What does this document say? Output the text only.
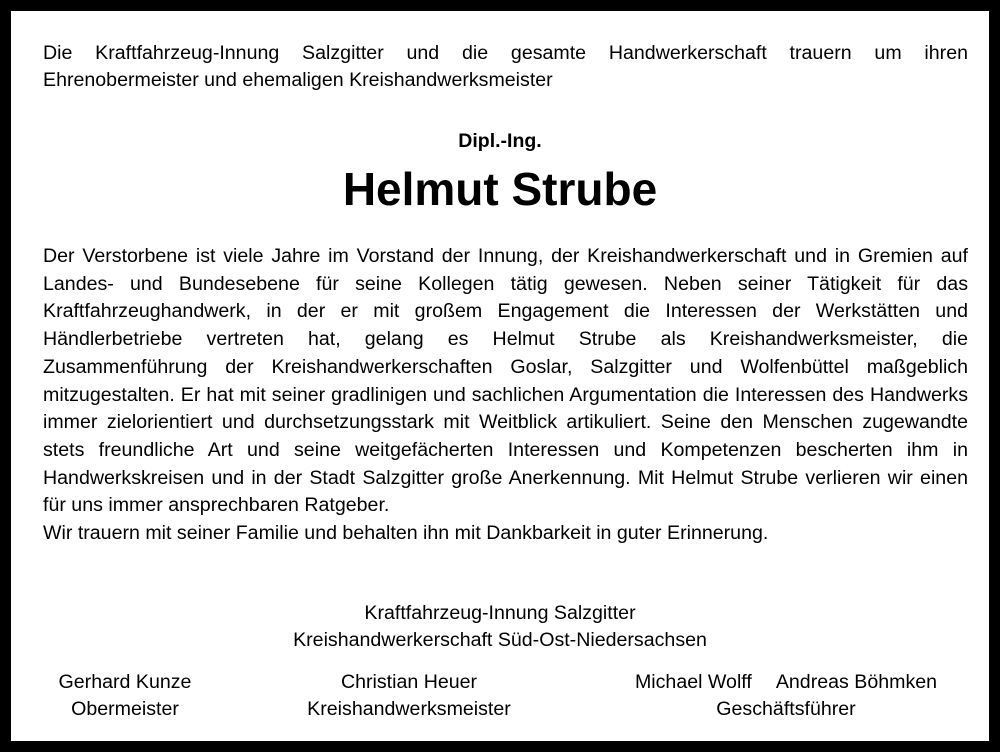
Die Kraftfahrzeug-Innung Salzgitter und die gesamte Handwerkerschaft trauern um ihren Ehrenobermeister und ehemaligen Kreishandwerksmeister

Dipl.-Ing.
Helmut Strube

Der Verstorbene ist viele Jahre im Vorstand der Innung, der Kreishandwerkerschaft und in Gremien auf Landes- und Bundesebene für seine Kollegen tätig gewesen. Neben seiner Tätigkeit für das Kraftfahrzeughandwerk, in der er mit großem Engagement die Interessen der Werkstätten und Händlerbetriebe vertreten hat, gelang es Helmut Strube als Kreishandwerksmeister, die Zusammenführung der Kreishandwerkerschaften Goslar, Salzgitter und Wolfenbüttel maßgeblich mitzugestalten. Er hat mit seiner gradlinigen und sachlichen Argumentation die Interessen des Handwerks immer zielorientiert und durchsetzungsstark mit Weitblick artikuliert. Seine den Menschen zugewandte stets freundliche Art und seine weitgefächerten Interessen und Kompetenzen bescherten ihm in Handwerkskreisen und in der Stadt Salzgitter große Anerkennung. Mit Helmut Strube verlieren wir einen für uns immer ansprechbaren Ratgeber.

Wir trauern mit seiner Familie und behalten ihn mit Dankbarkeit in guter Erinnerung.

Kraftfahrzeug-Innung Salzgitter
Kreishandwerkerschaft Süd-Ost-Niedersachsen
Gerhard Kunze
Obermeister
Christian Heuer
Kreishandwerksmeister
Michael Wolff Andreas Böhmken
Geschäftsführer
